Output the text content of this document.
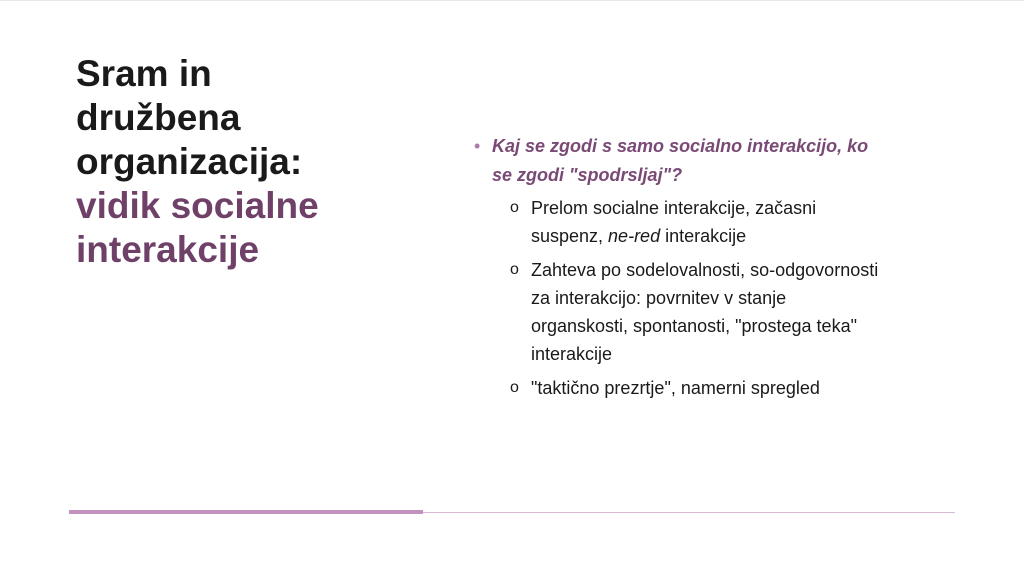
Sram in
družbena
organizacija:
vidik socialne
interakcije
• Kaj se zgodi s samo socialno interakcijo, ko
se zgodi "spodrsljaj"?
o Prelom socialne interakcije, začasni
suspenz, ne-red interakcije
o Zahteva po sodelovalnosti, so-odgovornosti
za interakcijo: povrnitev v stanje
organskosti, spontanosti, "prostega teka"
interakcije
o "taktično prezrtje", namerni spregled
